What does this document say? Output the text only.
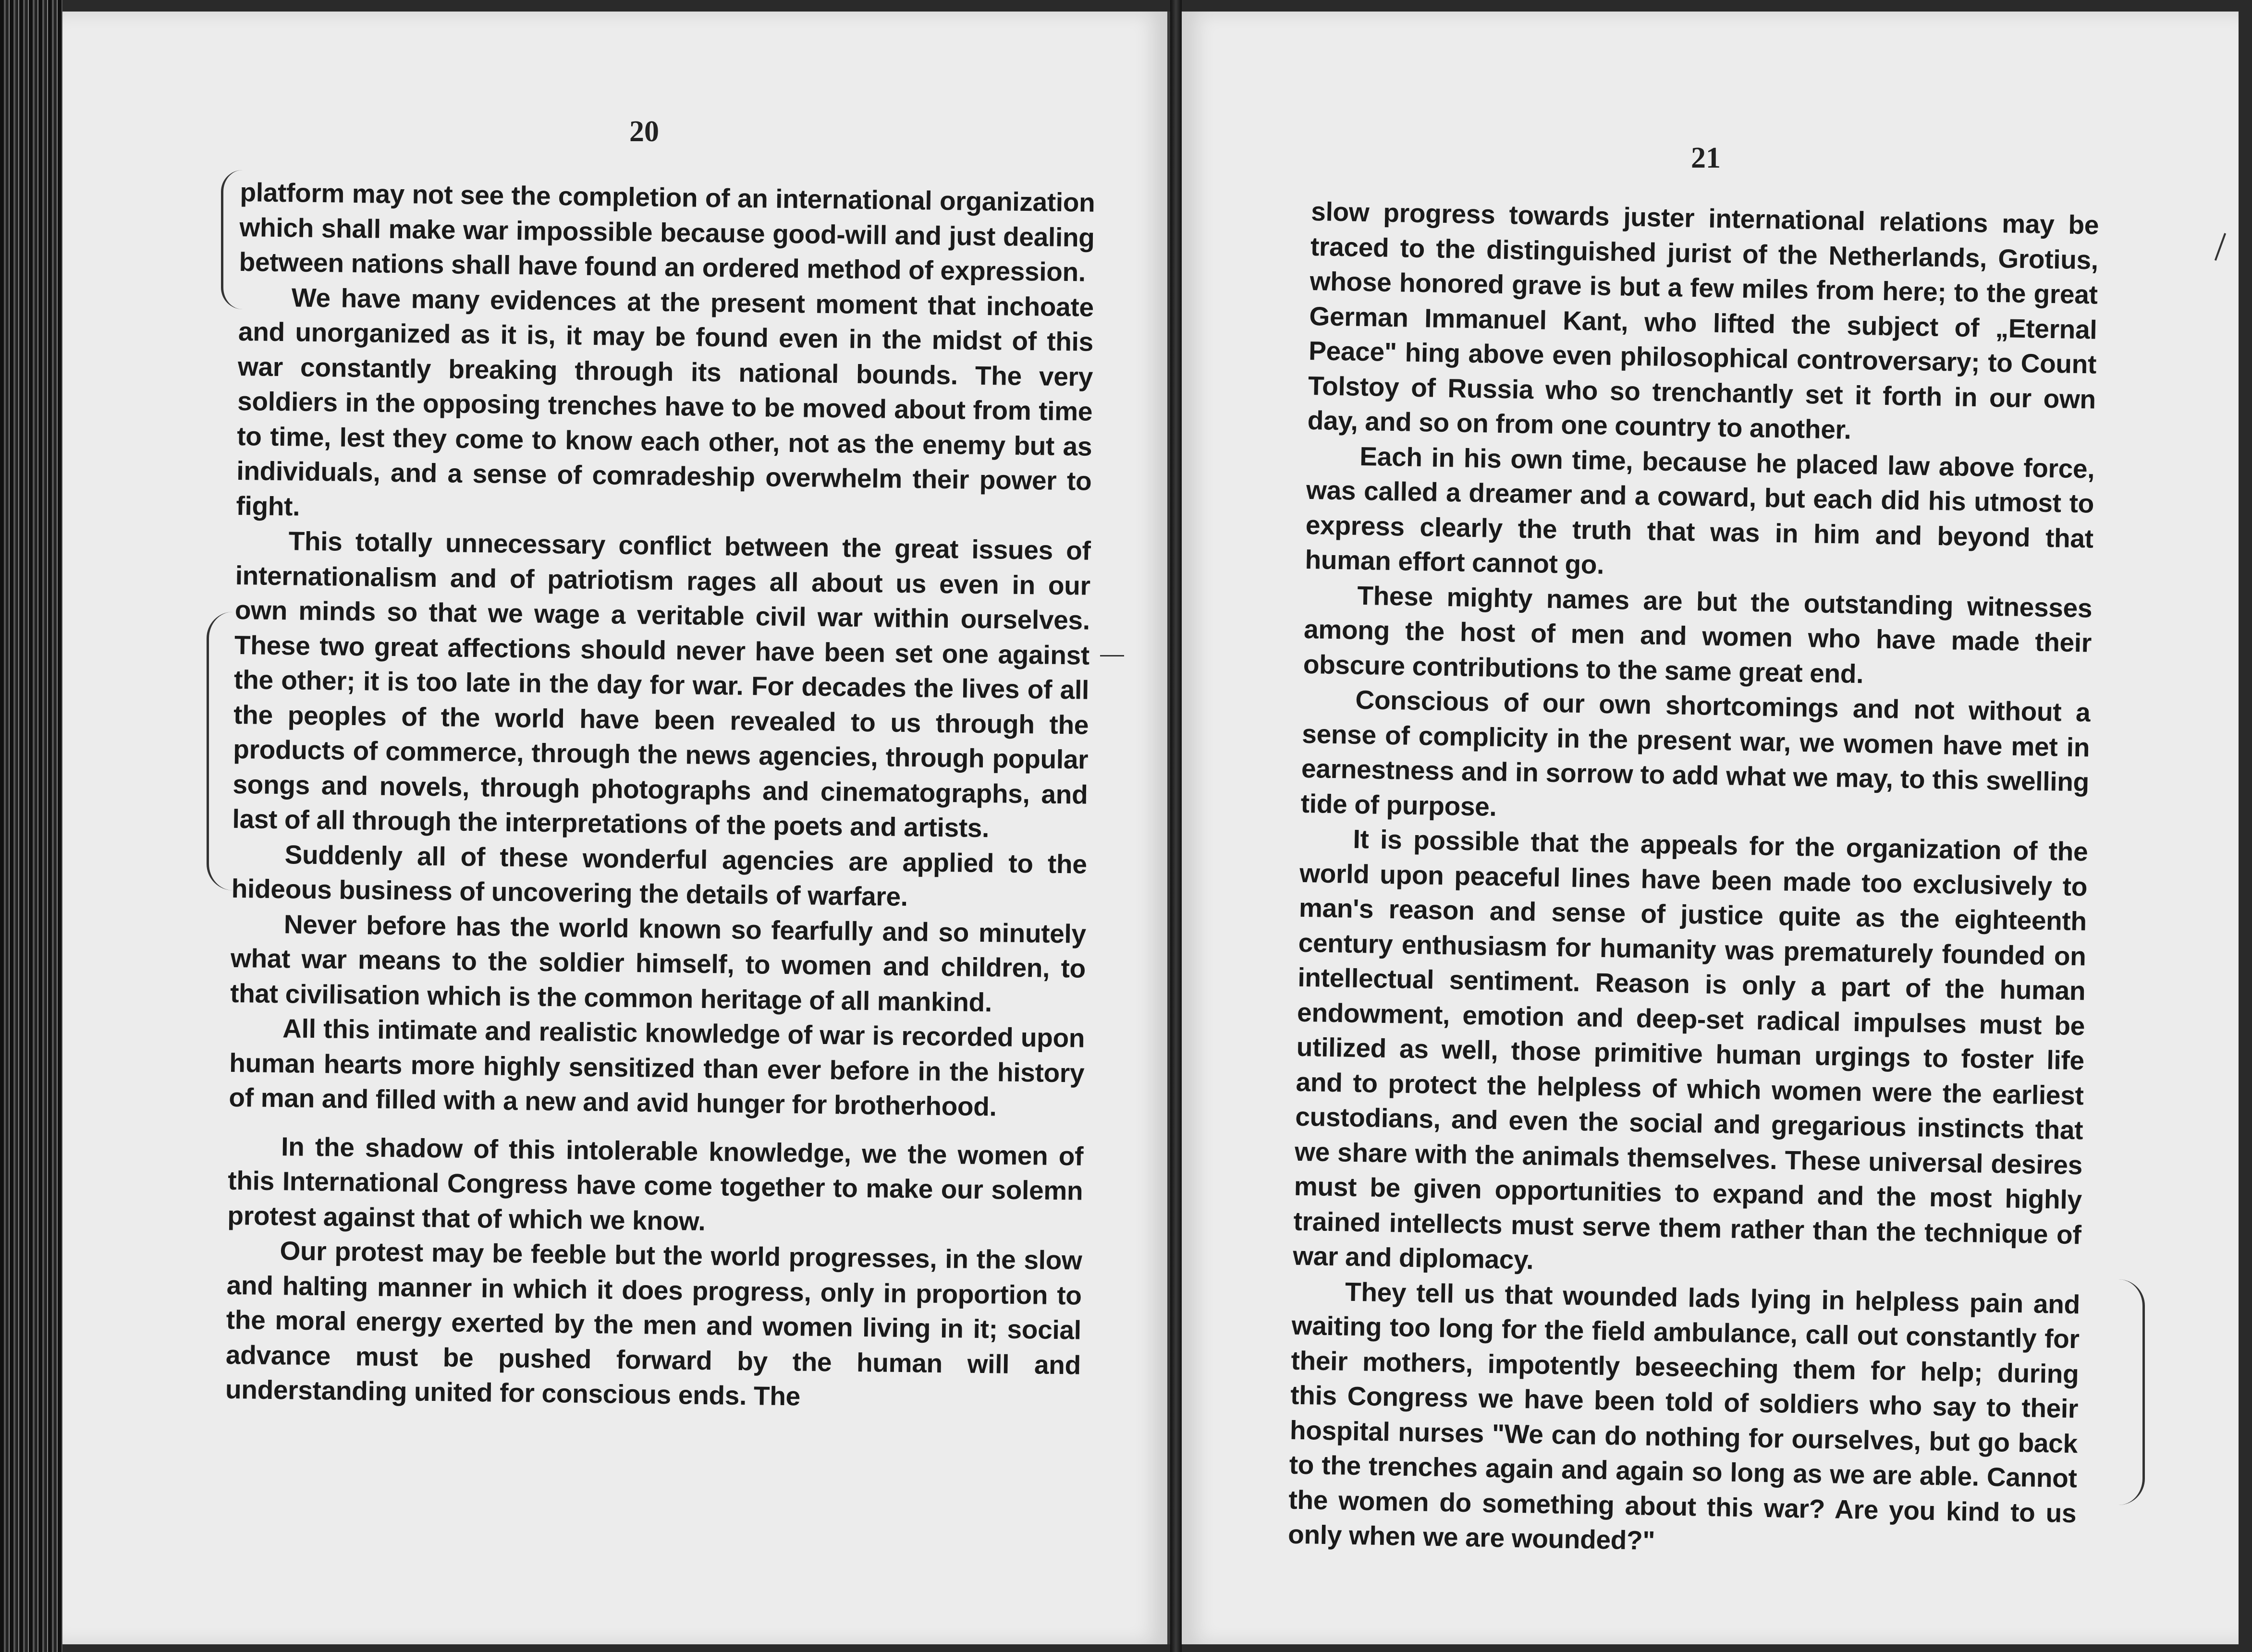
20

platform may not see the completion of an international organization which shall make war impossible because good-will and just dealing between nations shall have found an ordered method of expression.

We have many evidences at the present moment that inchoate and unorganized as it is, it may be found even in the midst of this war constantly breaking through its national bounds. The very soldiers in the opposing trenches have to be moved about from time to time, lest they come to know each other, not as the enemy but as individuals, and a sense of comradeship overwhelm their power to fight.

This totally unnecessary conflict between the great issues of internationalism and of patriotism rages all about us even in our own minds so that we wage a veritable civil war within ourselves. These two great affections should never have been set one against the other; it is too late in the day for war. For decades the lives of all the peoples of the world have been revealed to us through the products of commerce, through the news agencies, through popular songs and novels, through photographs and cinematographs, and last of all through the interpretations of the poets and artists.

Suddenly all of these wonderful agencies are applied to the hideous business of uncovering the details of warfare.

Never before has the world known so fearfully and so minutely what war means to the soldier himself, to women and children, to that civilisation which is the common heritage of all mankind.

All this intimate and realistic knowledge of war is recorded upon human hearts more highly sensitized than ever before in the history of man and filled with a new and avid hunger for brotherhood.

In the shadow of this intolerable knowledge, we the women of this International Congress have come together to make our solemn protest against that of which we know.

Our protest may be feeble but the world progresses, in the slow and halting manner in which it does progress, only in proportion to the moral energy exerted by the men and women living in it; social advance must be pushed forward by the human will and understanding united for conscious ends. The

21

slow progress towards juster international relations may be traced to the distinguished jurist of the Netherlands, Grotius, whose honored grave is but a few miles from here; to the great German Immanuel Kant, who lifted the subject of „Eternal Peace" hing above even philosophical controversary; to Count Tolstoy of Russia who so trenchantly set it forth in our own day, and so on from one country to another.

Each in his own time, because he placed law above force, was called a dreamer and a coward, but each did his utmost to express clearly the truth that was in him and beyond that human effort cannot go.

These mighty names are but the outstanding witnesses among the host of men and women who have made their obscure contributions to the same great end.

Conscious of our own shortcomings and not without a sense of complicity in the present war, we women have met in earnestness and in sorrow to add what we may, to this swelling tide of purpose.

It is possible that the appeals for the organization of the world upon peaceful lines have been made too exclusively to man's reason and sense of justice quite as the eighteenth century enthusiasm for humanity was prematurely founded on intellectual sentiment. Reason is only a part of the human endowment, emotion and deep-set radical impulses must be utilized as well, those primitive human urgings to foster life and to protect the helpless of which women were the earliest custodians, and even the social and gregarious instincts that we share with the animals themselves. These universal desires must be given opportunities to expand and the most highly trained intellects must serve them rather than the technique of war and diplomacy.

They tell us that wounded lads lying in helpless pain and waiting too long for the field ambulance, call out constantly for their mothers, impotently beseeching them for help; during this Congress we have been told of soldiers who say to their hospital nurses "We can do nothing for ourselves, but go back to the trenches again and again so long as we are able. Cannot the women do something about this war? Are you kind to us only when we are wounded?"
